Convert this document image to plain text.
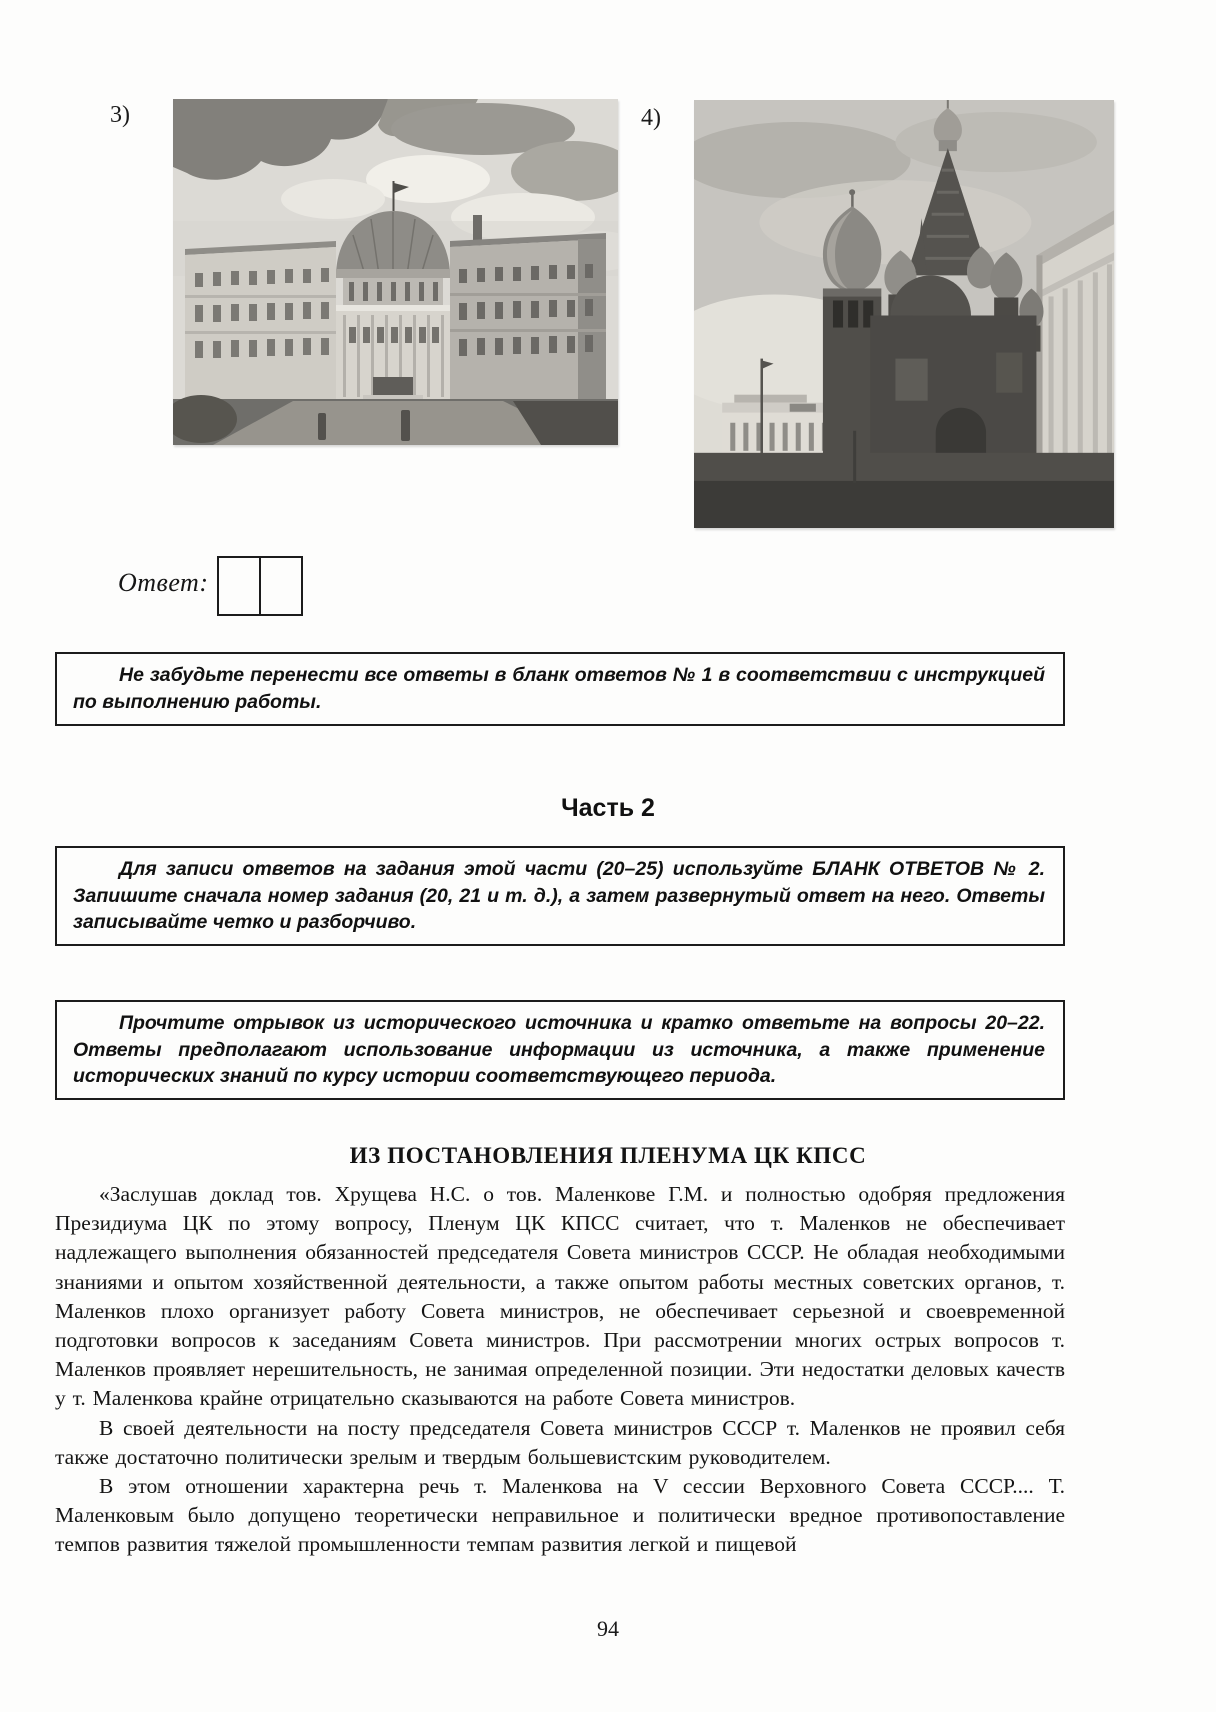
3)	4)
Ответ:
Не забудьте перенести все ответы в бланк ответов № 1 в соответствии с инструкцией по выполнению работы.
Часть 2
Для записи ответов на задания этой части (20–25) используйте БЛАНК ОТВЕТОВ № 2. Запишите сначала номер задания (20, 21 и т. д.), а затем развернутый ответ на него. Ответы записывайте четко и разборчиво.
Прочтите отрывок из исторического источника и кратко ответьте на вопросы 20–22. Ответы предполагают использование информации из источника, а также применение исторических знаний по курсу истории соответствующего периода.
ИЗ ПОСТАНОВЛЕНИЯ ПЛЕНУМА ЦК КПСС

«Заслушав доклад тов. Хрущева Н.С. о тов. Маленкове Г.М. и полностью одобряя предложения Президиума ЦК по этому вопросу, Пленум ЦК КПСС считает, что т. Маленков не обеспечивает надлежащего выполнения обязанностей председателя Совета министров СССР. Не обладая необходимыми знаниями и опытом хозяйственной деятельности, а также опытом работы местных советских органов, т. Маленков плохо организует работу Совета министров, не обеспечивает серьезной и своевременной подготовки вопросов к заседаниям Совета министров. При рассмотрении многих острых вопросов т. Маленков проявляет нерешительность, не занимая определенной позиции. Эти недостатки деловых качеств у т. Маленкова крайне отрицательно сказываются на работе Совета министров.

В своей деятельности на посту председателя Совета министров СССР т. Маленков не проявил себя также достаточно политически зрелым и твердым большевистским руководителем.

В этом отношении характерна речь т. Маленкова на V сессии Верховного Совета СССР.... Т. Маленковым было допущено теоретически неправильное и политически вредное противопоставление темпов развития тяжелой промышленности темпам развития легкой и пищевой

94
